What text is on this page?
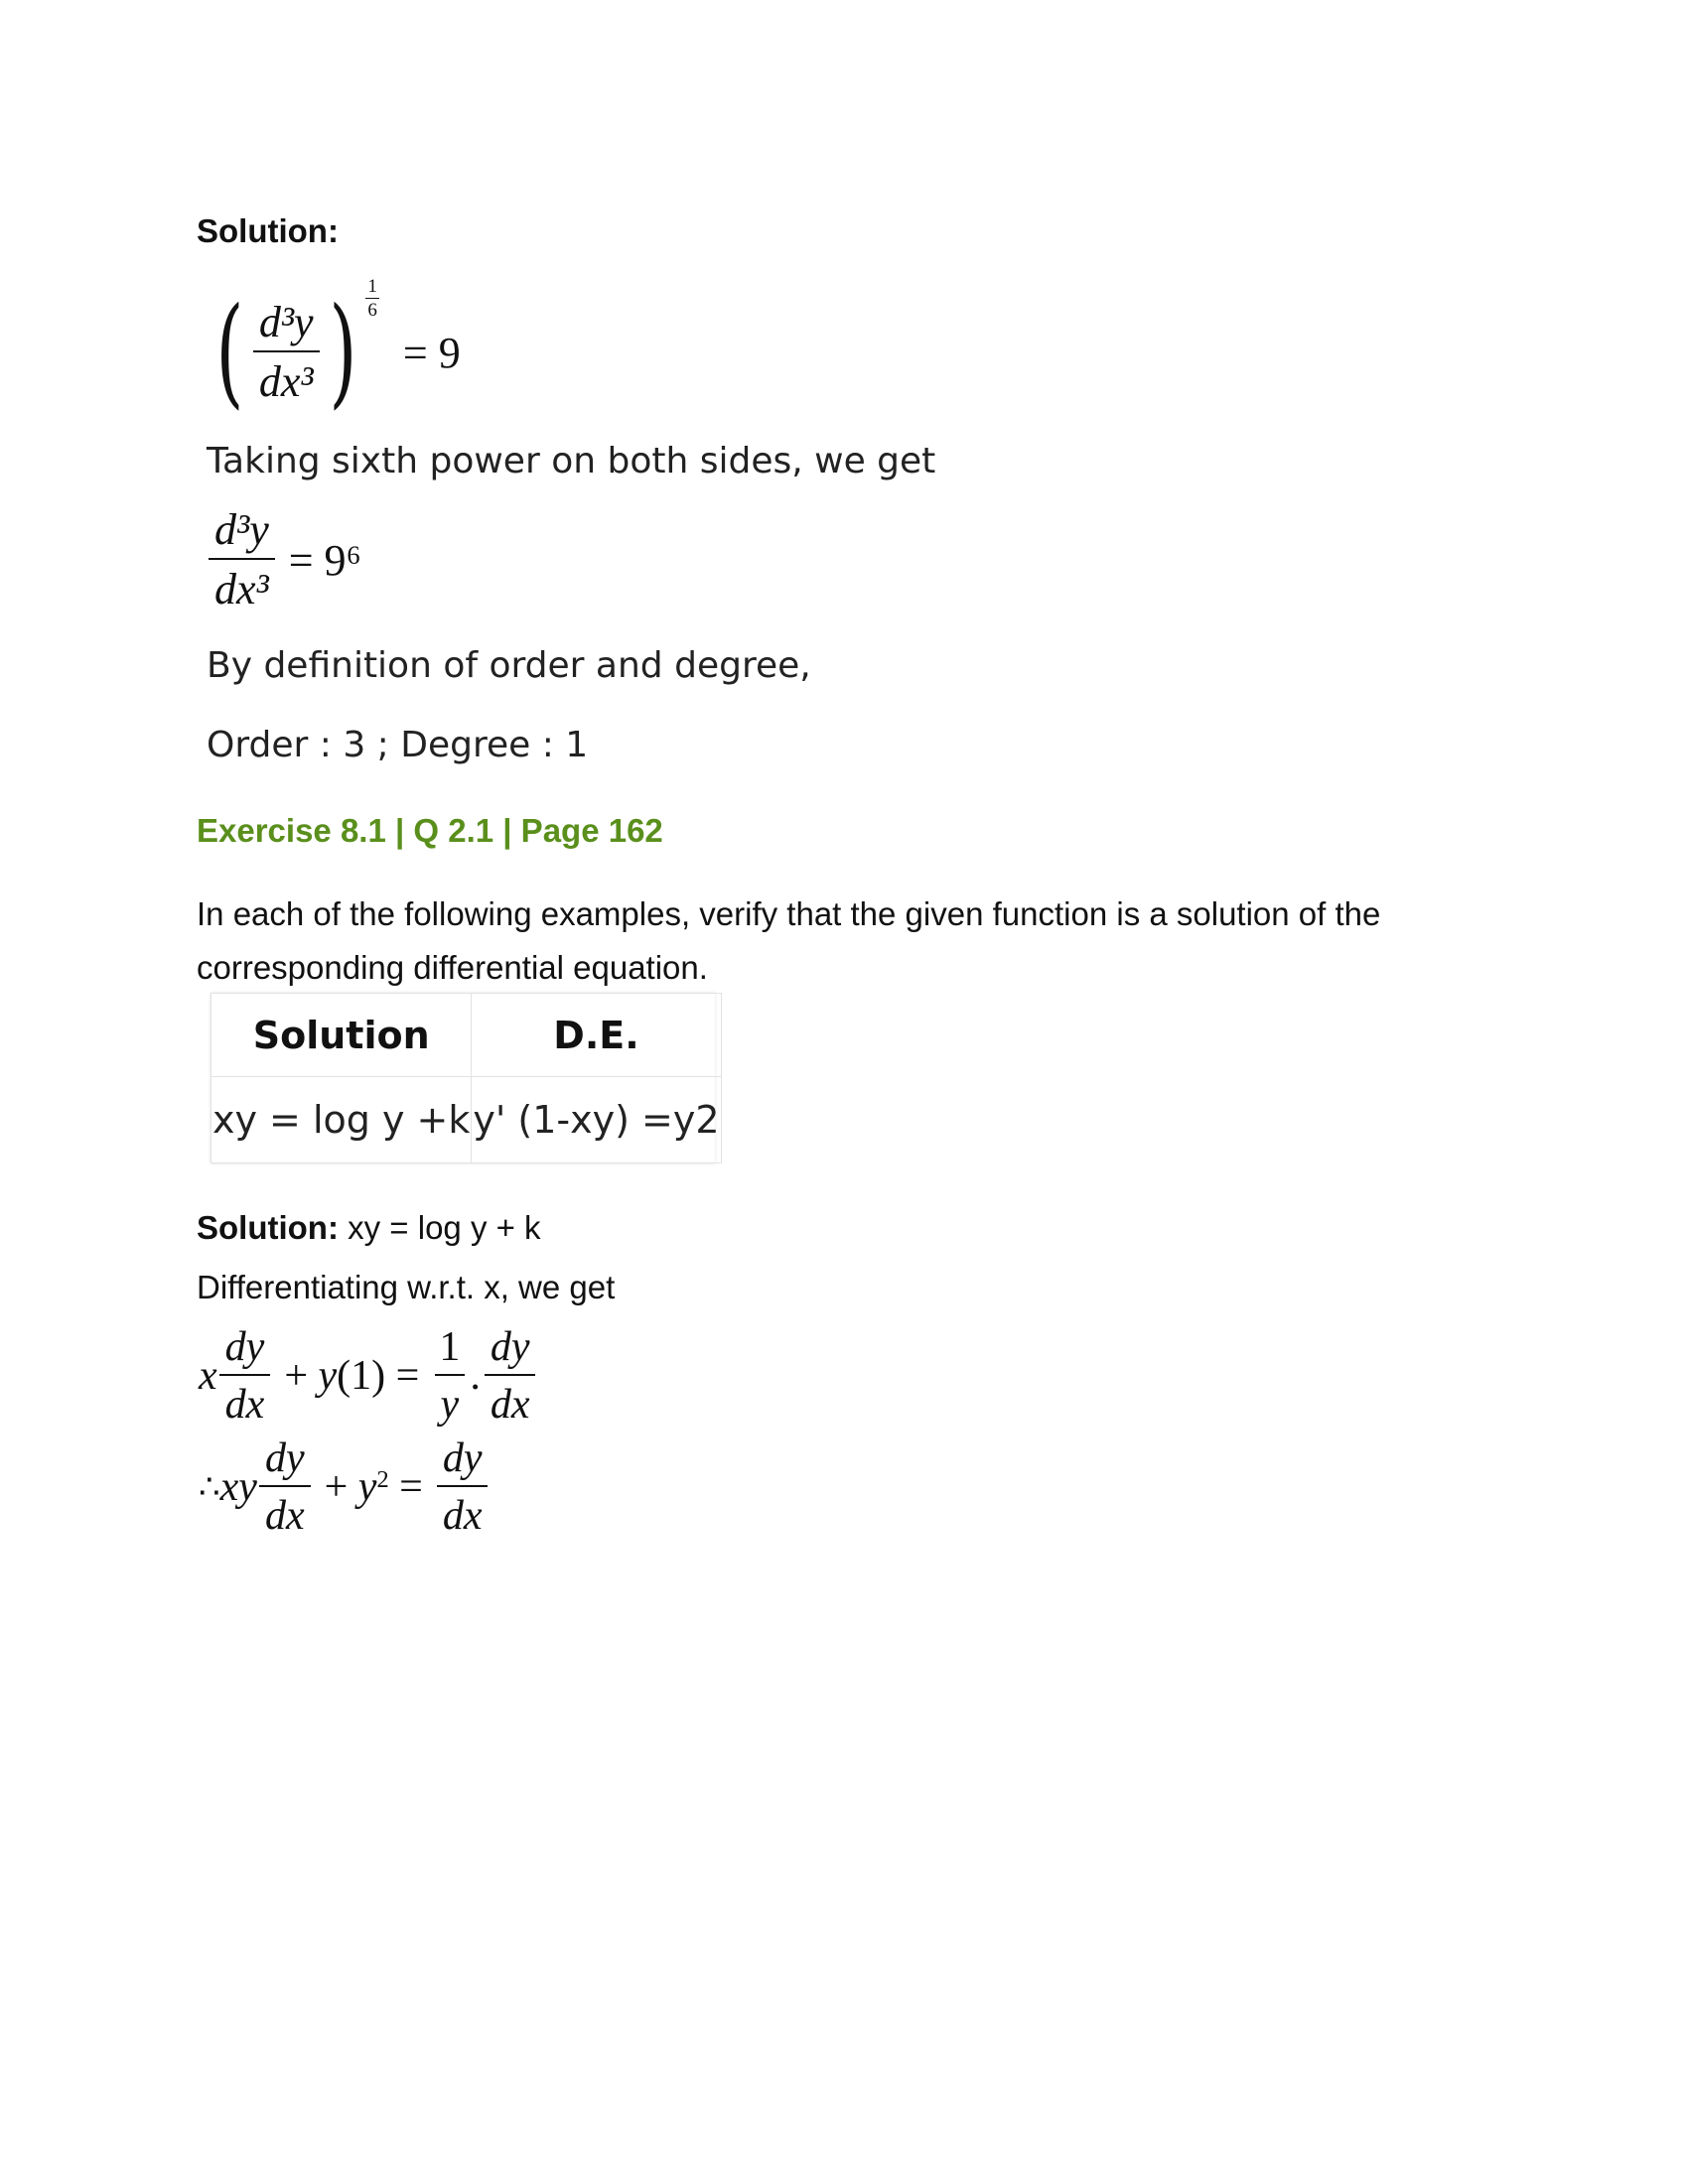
Solution:
( $\frac{\text{d³y}}{\text{dx³}}$ ) $\frac{1}{6}$
= 9
Taking sixth power on both sides, we get
$\frac{\text{d³y}}{\text{dx³}} = 9^6$
By definition of order and degree,
Order : 3 ; Degree : 1
Exercise 8.1 | Q 2.1 | Page 162
In each of the following examples, verify that the given function is a solution of the
corresponding differential equation.
Solution	D.E.
xy = log y +k	y' (1-xy) =y2
Solution: xy = log y + k
Differentiating w.r.t. x, we get
x $\frac{dy}{dx} + y(1) = \frac{1}{y}$ . $\frac{dy}{dx}$
∴ xy $\frac{dy}{dx} + y^2 = \frac{dy}{dx}$
